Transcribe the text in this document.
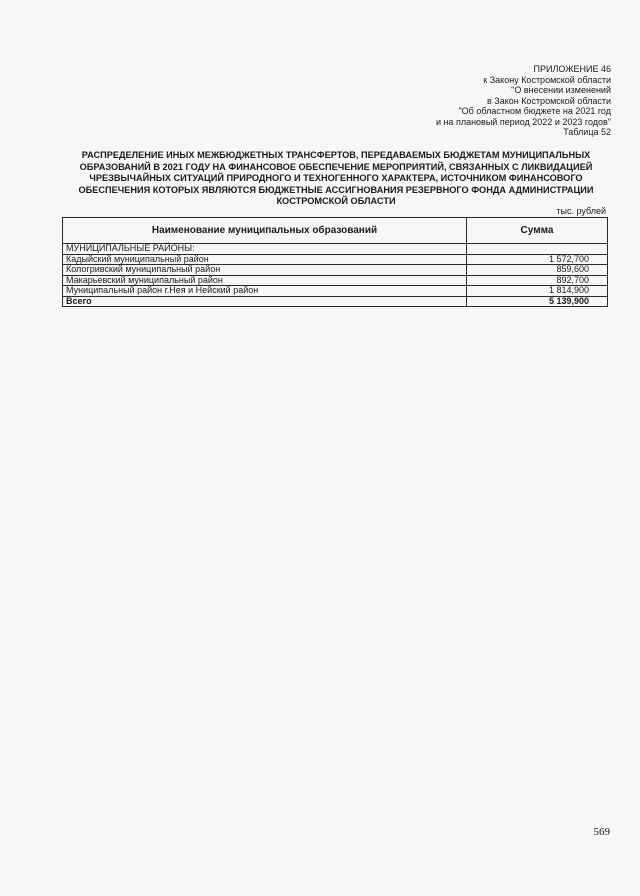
ПРИЛОЖЕНИЕ 46
к Закону Костромской области
"О внесении изменений
в Закон Костромской области
"Об областном бюджете на 2021 год
и на плановый период 2022 и 2023 годов"
Таблица 52
РАСПРЕДЕЛЕНИЕ ИНЫХ МЕЖБЮДЖЕТНЫХ ТРАНСФЕРТОВ, ПЕРЕДАВАЕМЫХ БЮДЖЕТАМ МУНИЦИПАЛЬНЫХ ОБРАЗОВАНИЙ В 2021 ГОДУ НА ФИНАНСОВОЕ ОБЕСПЕЧЕНИЕ МЕРОПРИЯТИЙ, СВЯЗАННЫХ С ЛИКВИДАЦИЕЙ ЧРЕЗВЫЧАЙНЫХ СИТУАЦИЙ ПРИРОДНОГО И ТЕХНОГЕННОГО ХАРАКТЕРА, ИСТОЧНИКОМ ФИНАНСОВОГО ОБЕСПЕЧЕНИЯ КОТОРЫХ ЯВЛЯЮТСЯ БЮДЖЕТНЫЕ АССИГНОВАНИЯ РЕЗЕРВНОГО ФОНДА АДМИНИСТРАЦИИ КОСТРОМСКОЙ ОБЛАСТИ
тыс. рублей
Наименование муниципальных образований	Сумма
МУНИЦИПАЛЬНЫЕ РАЙОНЫ:	
Кадыйский муниципальный район	1 572,700
Кологривский муниципальный район	859,600
Макарьевский муниципальный район	892,700
Муниципальный район г.Нея и Нейский район	1 814,900
Всего	5 139,900
569
